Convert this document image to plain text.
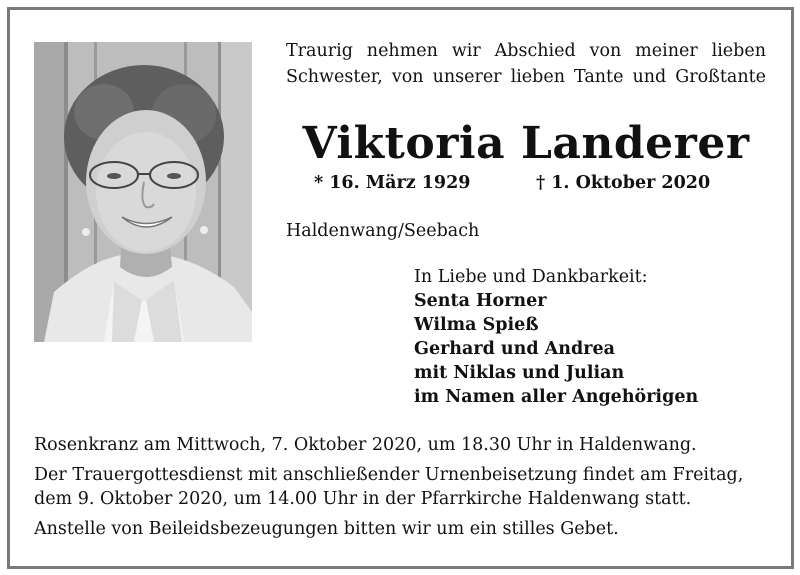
Traurig nehmen wir Abschied von meiner lieben
Schwester, von unserer lieben Tante und Großtante
Viktoria Landerer
* 16. März 1929	† 1. Oktober 2020
Haldenwang/Seebach
In Liebe und Dankbarkeit:
Senta Horner
Wilma Spieß
Gerhard und Andrea
mit Niklas und Julian
im Namen aller Angehörigen

Rosenkranz am Mittwoch, 7. Oktober 2020, um 18.30 Uhr in Haldenwang.

Der Trauergottesdienst mit anschließender Urnenbeisetzung findet am Freitag,

dem 9. Oktober 2020, um 14.00 Uhr in der Pfarrkirche Haldenwang statt.

Anstelle von Beileidsbezeugungen bitten wir um ein stilles Gebet.
